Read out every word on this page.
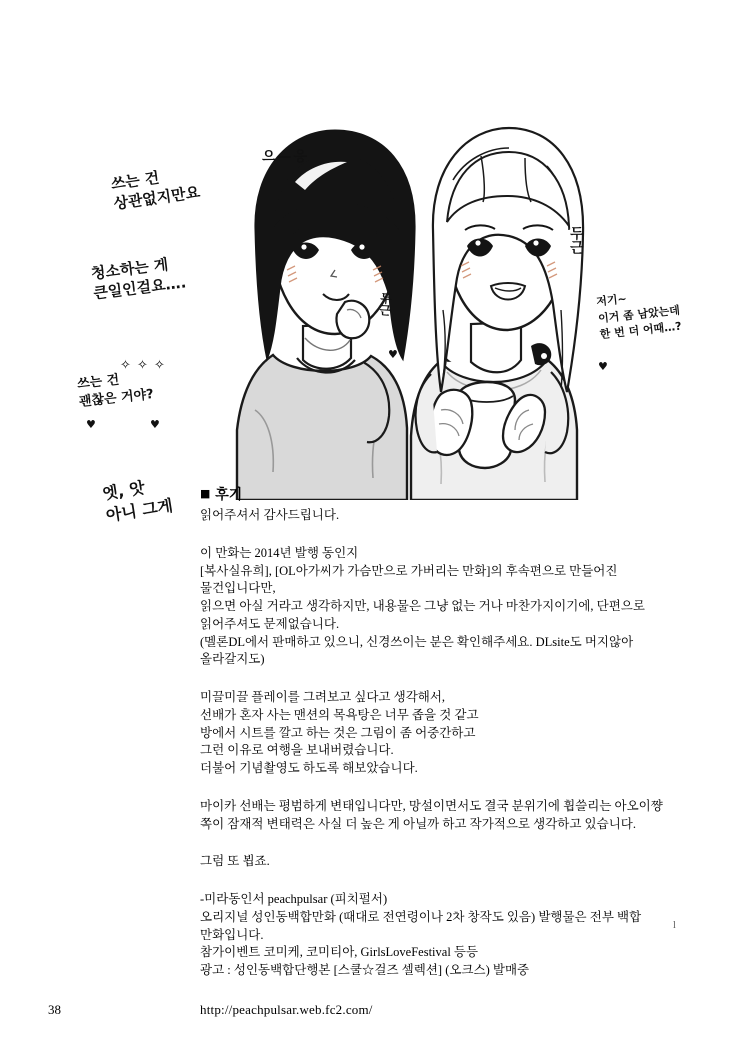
쓰는 건
상관없지만요
청소하는 게
큰일인걸요….
✧ ✧ ✧
쓰는 건
괜찮은 거야?
♥	♥
엣, 앗
아니 그게
으—응
두근
♥
두근
저기~
이거 좀 남았는데
한 번 더 어때…?
♥
■ 후기

읽어주셔서 감사드립니다.

이 만화는 2014년 발행 동인지

[복사실유희], [OL아가씨가 가슴만으로 가버리는 만화]의 후속편으로 만들어진

물건입니다만,

읽으면 아실 거라고 생각하지만, 내용물은 그냥 없는 거나 마찬가지이기에, 단편으로

읽어주셔도 문제없습니다.

(멜론DL에서 판매하고 있으니, 신경쓰이는 분은 확인해주세요. DLsite도 머지않아

올라갈지도)

미끌미끌 플레이를 그려보고 싶다고 생각해서,

선배가 혼자 사는 맨션의 목욕탕은 너무 좁을 것 같고

방에서 시트를 깔고 하는 것은 그림이 좀 어중간하고

그런 이유로 여행을 보내버렸습니다.

더불어 기념촬영도 하도록 해보았습니다.

마이카 선배는 평범하게 변태입니다만, 망설이면서도 결국 분위기에 휩쓸리는 아오이쨩

쪽이 잠재적 변태력은 사실 더 높은 게 아닐까 하고 작가적으로 생각하고 있습니다.

그럼 또 뵙죠.

-미라동인서 peachpulsar (피치펄서)

오리지널 성인동백합만화 (때대로 전연령이나 2차 창작도 있음) 발행물은 전부 백합

만화입니다.

참가이벤트 코미케, 코미티아, GirlsLoveFestival 등등

광고 : 성인동백합단행본 [스쿨☆걸즈 셀렉션] (오크스) 발매중

http://peachpulsar.web.fc2.com/
l
38
